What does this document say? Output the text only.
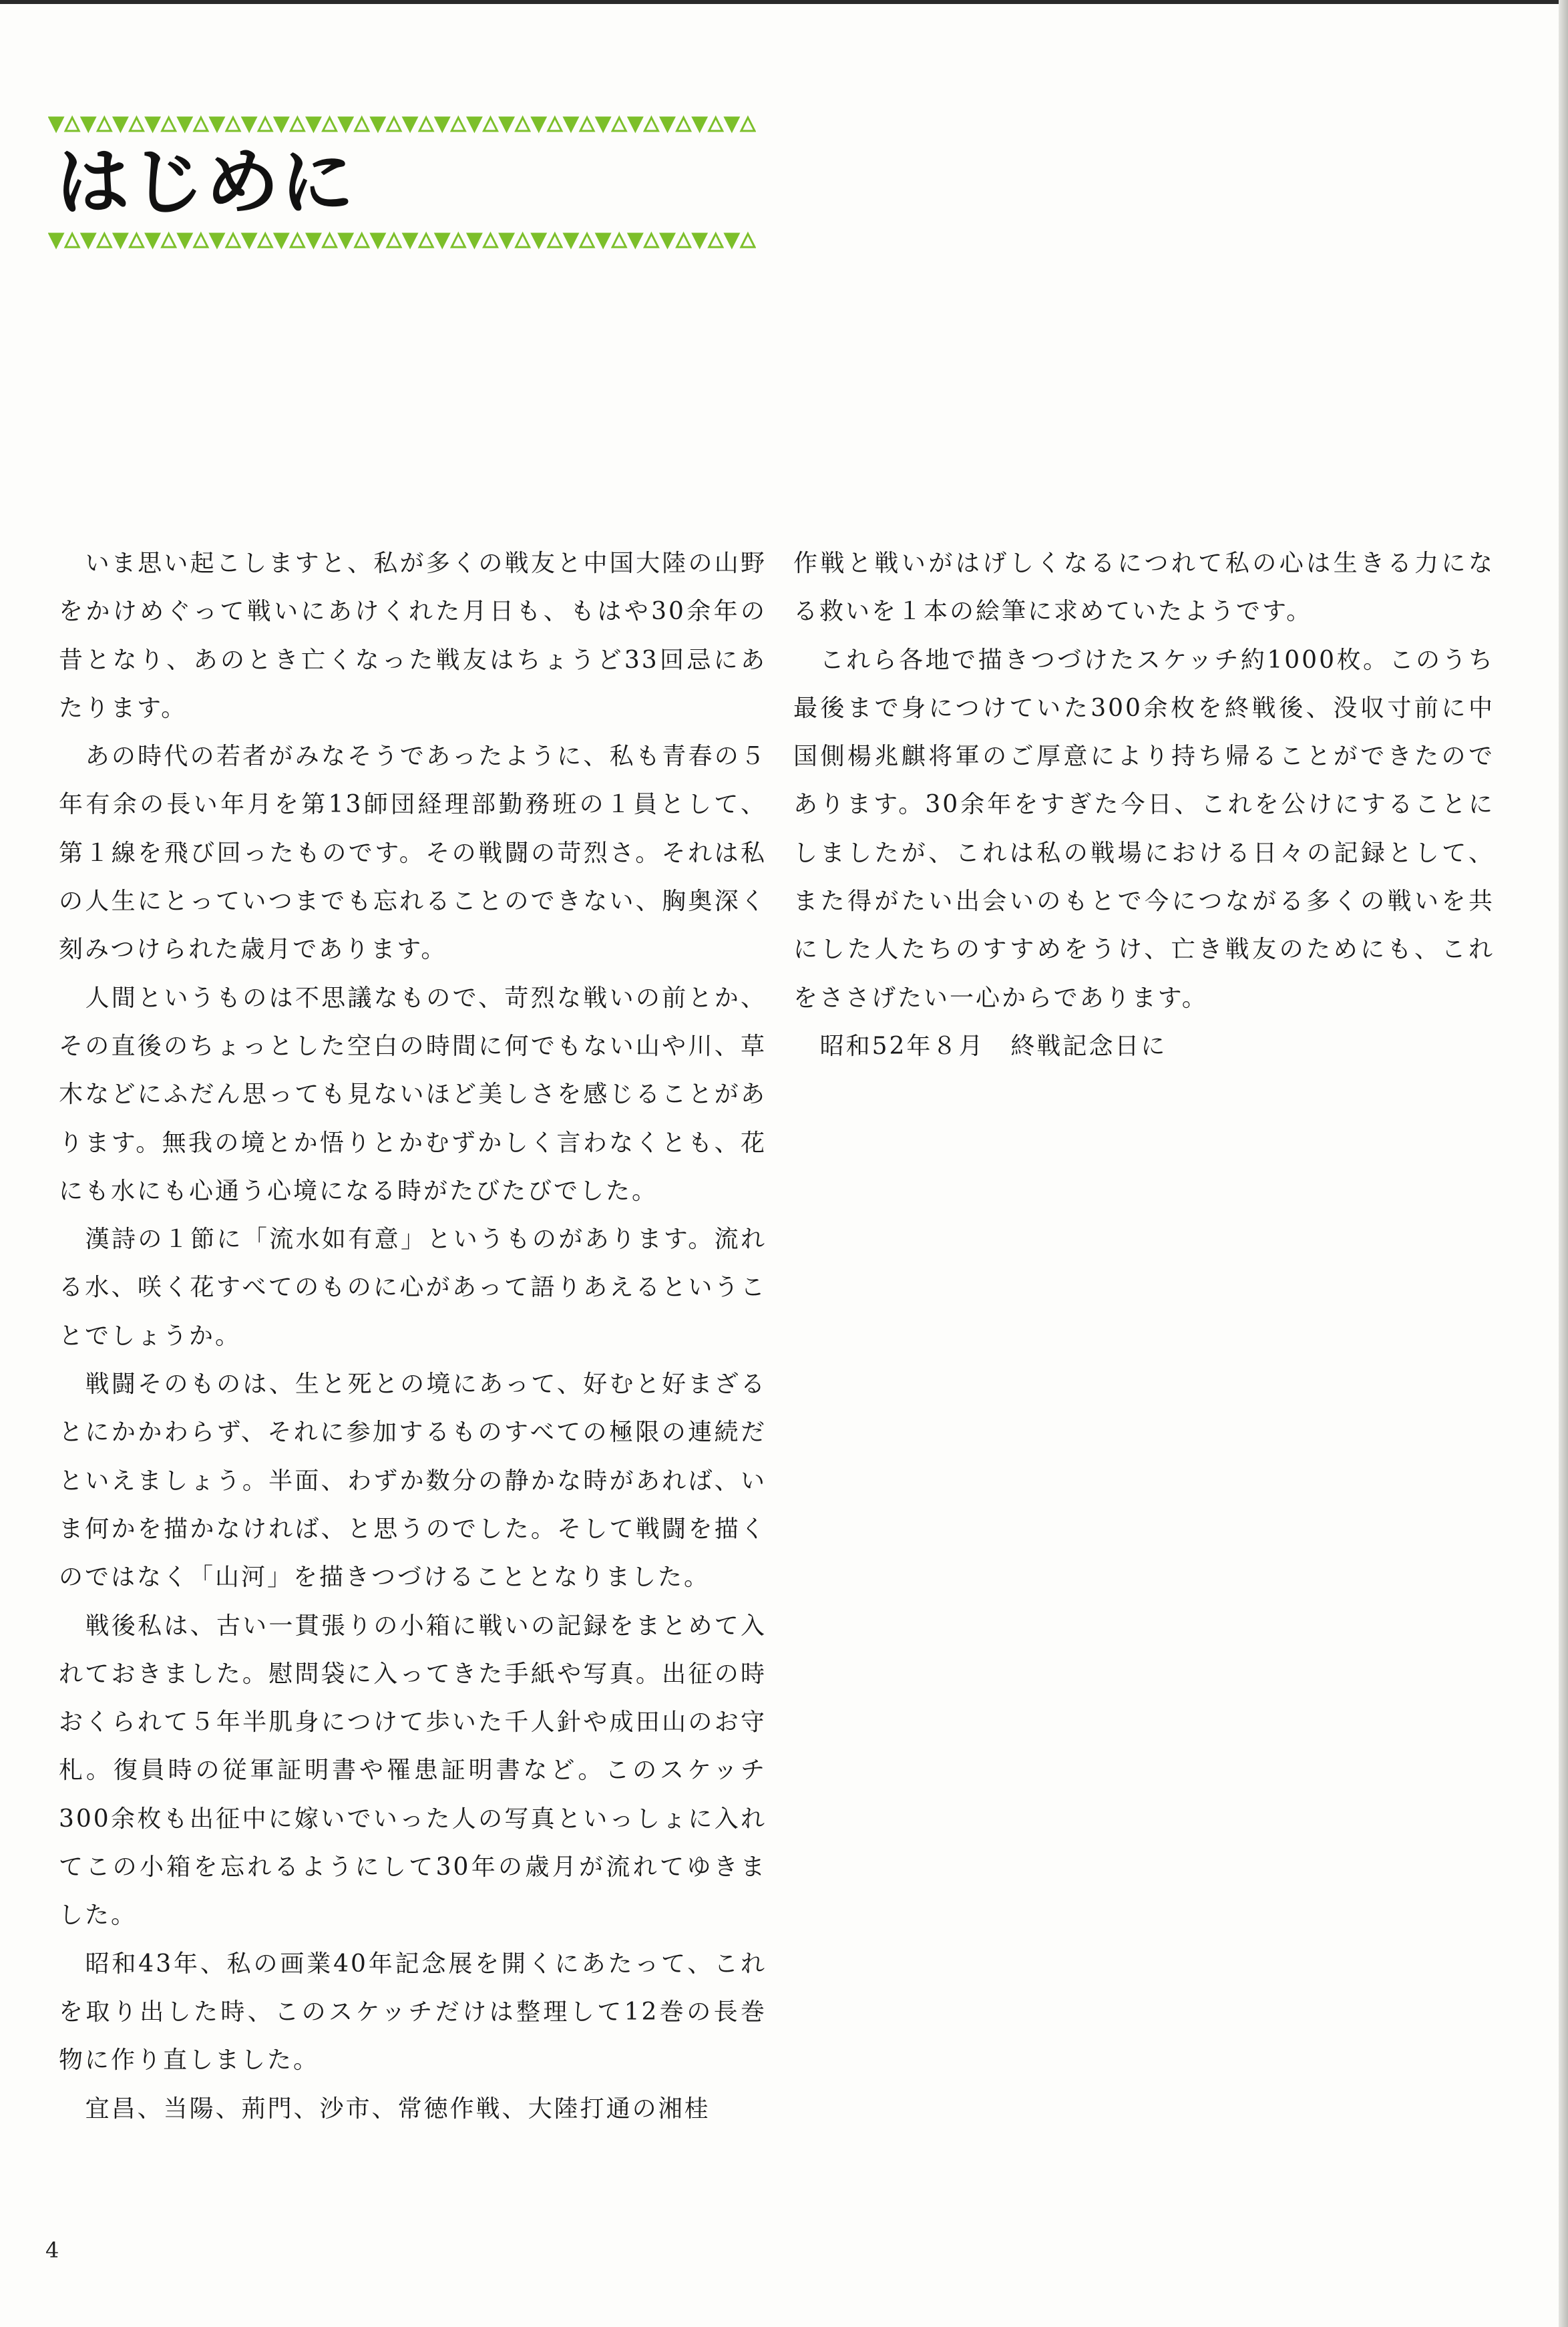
はじめに

いま思い起こしますと、私が多くの戦友と中国大陸の山野をかけめぐって戦いにあけくれた月日も、もはや30余年の昔となり、あのとき亡くなった戦友はちょうど33回忌にあたります。

あの時代の若者がみなそうであったように、私も青春の５年有余の長い年月を第13師団経理部勤務班の１員として、第１線を飛び回ったものです。その戦闘の苛烈さ。それは私の人生にとっていつまでも忘れることのできない、胸奥深く刻みつけられた歳月であります。

人間というものは不思議なもので、苛烈な戦いの前とか、その直後のちょっとした空白の時間に何でもない山や川、草木などにふだん思っても見ないほど美しさを感じることがあります。無我の境とか悟りとかむずかしく言わなくとも、花にも水にも心通う心境になる時がたびたびでした。

漢詩の１節に「流水如有意」というものがあります。流れる水、咲く花すべてのものに心があって語りあえるということでしょうか。

戦闘そのものは、生と死との境にあって、好むと好まざるとにかかわらず、それに参加するものすべての極限の連続だといえましょう。半面、わずか数分の静かな時があれば、いま何かを描かなければ、と思うのでした。そして戦闘を描くのではなく「山河」を描きつづけることとなりました。

戦後私は、古い一貫張りの小箱に戦いの記録をまとめて入れておきました。慰問袋に入ってきた手紙や写真。出征の時おくられて５年半肌身につけて歩いた千人針や成田山のお守札。復員時の従軍証明書や罹患証明書など。このスケッチ300余枚も出征中に嫁いでいった人の写真といっしょに入れてこの小箱を忘れるようにして30年の歳月が流れてゆきました。

昭和43年、私の画業40年記念展を開くにあたって、これを取り出した時、このスケッチだけは整理して12巻の長巻物に作り直しました。

宜昌、当陽、荊門、沙市、常徳作戦、大陸打通の湘桂

作戦と戦いがはげしくなるにつれて私の心は生きる力になる救いを１本の絵筆に求めていたようです。

これら各地で描きつづけたスケッチ約1000枚。このうち最後まで身につけていた300余枚を終戦後、没収寸前に中国側楊兆麒将軍のご厚意により持ち帰ることができたのであります。30余年をすぎた今日、これを公けにすることにしましたが、これは私の戦場における日々の記録として、また得がたい出会いのもとで今につながる多くの戦いを共にした人たちのすすめをうけ、亡き戦友のためにも、これをささげたい一心からであります。

昭和52年８月　終戦記念日に

4
